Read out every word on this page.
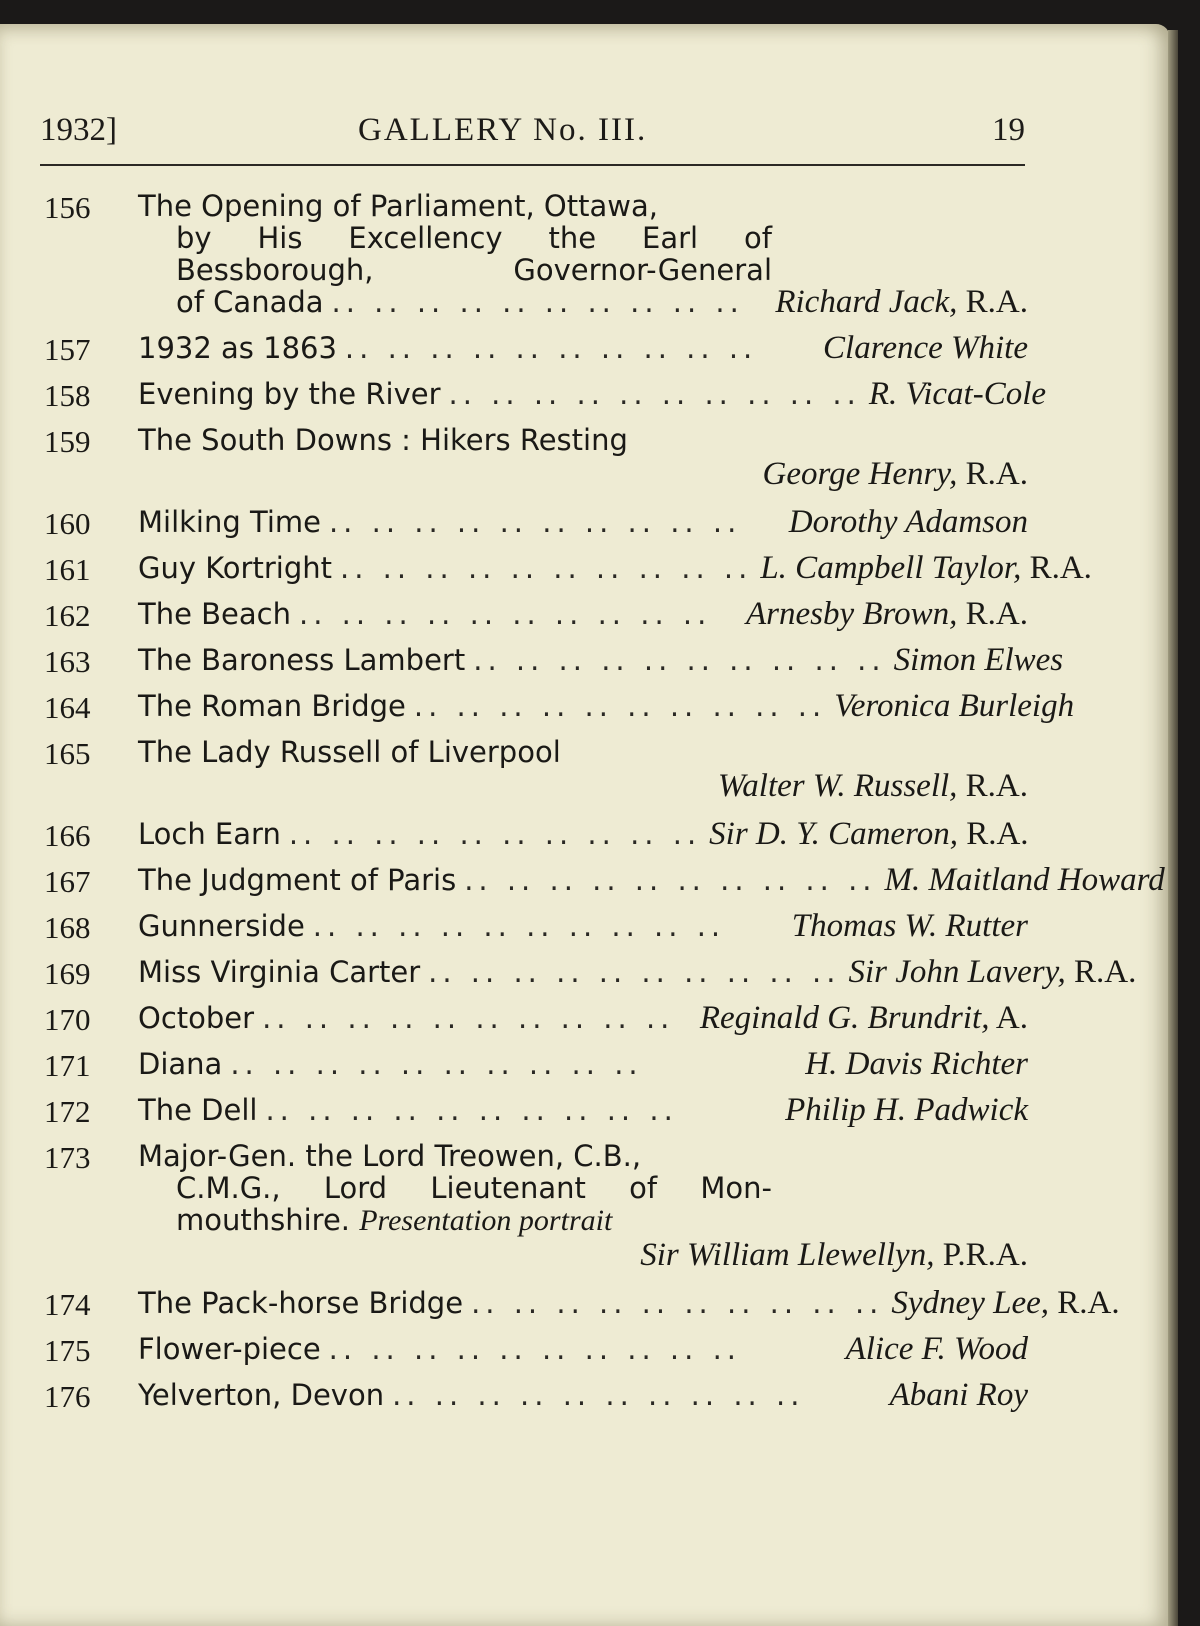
1932]	GALLERY No. III.	19
156	The Opening of Parliament, Ottawa,
by His Excellency the Earl of
Bessborough, Governor-General
of Canada .. .. .. .. .. .. .. .. .. .. Richard Jack, R.A.
157	1932 as 1863 .. .. .. .. .. .. .. .. .. ..	Clarence White
158	Evening by the River .. .. .. .. .. .. .. .. .. .. R. Vicat-Cole
159	The South Downs : Hikers Resting
George Henry, R.A.
160	Milking Time .. .. .. .. .. .. .. .. .. ..	Dorothy Adamson
161	Guy Kortright .. .. .. .. .. .. .. .. .. .. L. Campbell Taylor, R.A.
162	The Beach .. .. .. .. .. .. .. .. .. ..	Arnesby Brown, R.A.
163	The Baroness Lambert .. .. .. .. .. .. .. .. .. .. Simon Elwes
164	The Roman Bridge .. .. .. .. .. .. .. .. .. .. Veronica Burleigh
165	The Lady Russell of Liverpool
Walter W. Russell, R.A.
166	Loch Earn .. .. .. .. .. .. .. .. .. .. Sir D. Y. Cameron, R.A.
167	The Judgment of Paris .. .. .. .. .. .. .. .. .. .. M. Maitland Howard
168	Gunnerside .. .. .. .. .. .. .. .. .. ..	Thomas W. Rutter
169	Miss Virginia Carter .. .. .. .. .. .. .. .. .. .. Sir John Lavery, R.A.
170	October .. .. .. .. .. .. .. .. .. .. Reginald G. Brundrit, A.
171	Diana .. .. .. .. .. .. .. .. .. ..	H. Davis Richter
172	The Dell .. .. .. .. .. .. .. .. .. ..	Philip H. Padwick
173	Major-Gen. the Lord Treowen, C.B.,
C.M.G., Lord Lieutenant of Mon-
mouthshire.
Presentation portrait
Sir William Llewellyn, P.R.A.
174	The Pack-horse Bridge .. .. .. .. .. .. .. .. .. .. Sydney Lee, R.A.
175	Flower-piece .. .. .. .. .. .. .. .. .. ..	Alice F. Wood
176	Yelverton, Devon .. .. .. .. .. .. .. .. .. ..	Abani Roy
